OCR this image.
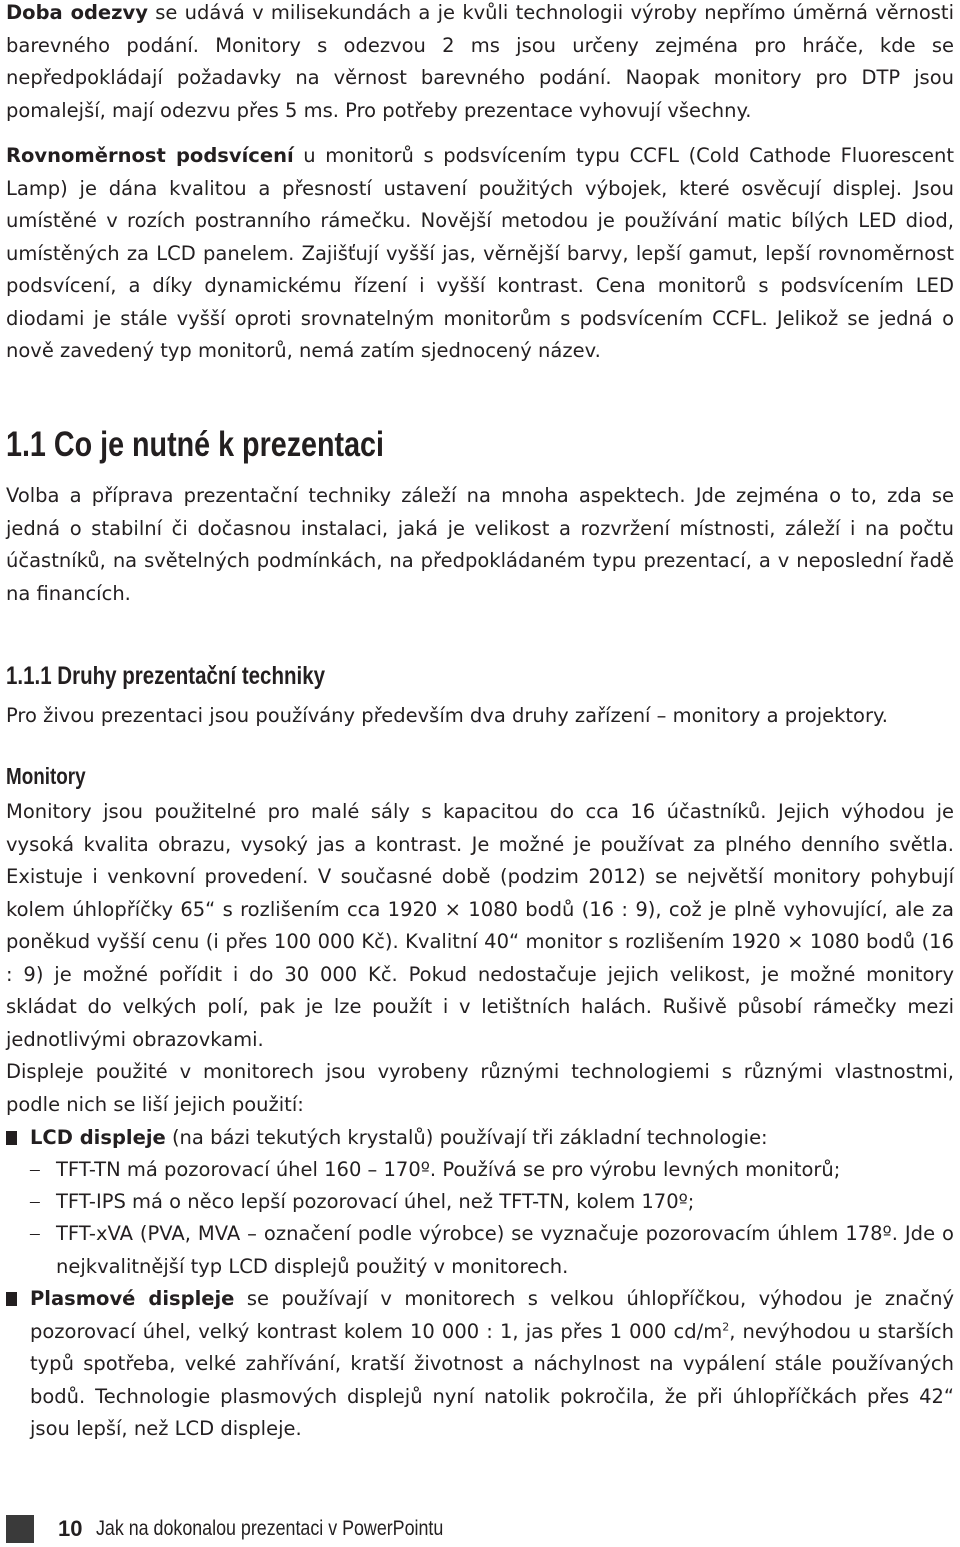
Doba odezvy se udává v milisekundách a je kvůli technologii výroby nepřímo úměrná věrnosti barevného podání. Monitory s odezvou 2 ms jsou určeny zejména pro hráče, kde se nepředpokládají požadavky na věrnost barevného podání. Naopak monitory pro DTP jsou pomalejší, mají odezvu přes 5 ms. Pro potřeby prezentace vyhovují všechny.

Rovnoměrnost podsvícení u monitorů s podsvícením typu CCFL (Cold Cathode Fluorescent Lamp) je dána kvalitou a přesností ustavení použitých výbojek, které osvěcují displej. Jsou umístěné v rozích postranního rámečku. Novější metodou je používání matic bílých LED diod, umístěných za LCD panelem. Zajišťují vyšší jas, věrnější barvy, lepší gamut, lepší rovnoměrnost podsvícení, a díky dynamickému řízení i vyšší kontrast. Cena monitorů s podsvícením LED diodami je stále vyšší oproti srovnatelným monitorům s podsvícením CCFL. Jelikož se jedná o nově zavedený typ monitorů, nemá zatím sjednocený název.

1.1 Co je nutné k prezentaci

Volba a příprava prezentační techniky záleží na mnoha aspektech. Jde zejména o to, zda se jedná o stabilní či dočasnou instalaci, jaká je velikost a rozvržení místnosti, záleží i na počtu účastníků, na světelných podmínkách, na předpokládaném typu prezentací, a v neposlední řadě na financích.

1.1.1 Druhy prezentační techniky

Pro živou prezentaci jsou používány především dva druhy zařízení – monitory a projektory.

Monitory

Monitory jsou použitelné pro malé sály s kapacitou do cca 16 účastníků. Jejich výhodou je vysoká kvalita obrazu, vysoký jas a kontrast. Je možné je používat za plného denního světla. Existuje i venkovní provedení. V současné době (podzim 2012) se největší monitory pohybují kolem úhlopříčky 65“ s rozlišením cca 1920 × 1080 bodů (16 : 9), což je plně vyhovující, ale za poněkud vyšší cenu (i přes 100 000 Kč). Kvalitní 40“ monitor s rozlišením 1920 × 1080 bodů (16 : 9) je možné pořídit i do 30 000 Kč. Pokud nedostačuje jejich velikost, je možné monitory skládat do velkých polí, pak je lze použít i v letištních halách. Rušivě působí rámečky mezi jednotlivými obrazovkami.

Displeje použité v monitorech jsou vyrobeny různými technologiemi s různými vlastnostmi, podle nich se liší jejich použití:

LCD displeje (na bázi tekutých krystalů) používají tři základní technologie:

– TFT-TN má pozorovací úhel 160 – 170º. Používá se pro výrobu levných monitorů;

– TFT-IPS má o něco lepší pozorovací úhel, než TFT-TN, kolem 170º;

– TFT-xVA (PVA, MVA – označení podle výrobce) se vyznačuje pozorovacím úhlem 178º. Jde o nejkvalitnější typ LCD displejů použitý v monitorech.

Plasmové displeje se používají v monitorech s velkou úhlopříčkou, výhodou je značný pozorovací úhel, velký kontrast kolem 10 000 : 1, jas přes 1 000 $cd/m^2$, nevýhodou u starších typů spotřeba, velké zahřívání, kratší životnost a náchylnost na vypálení stále používaných bodů. Technologie plasmových displejů nyní natolik pokročila, že při úhlopříčkách přes 42“ jsou lepší, než LCD displeje.

10 Jak na dokonalou prezentaci v PowerPointu
